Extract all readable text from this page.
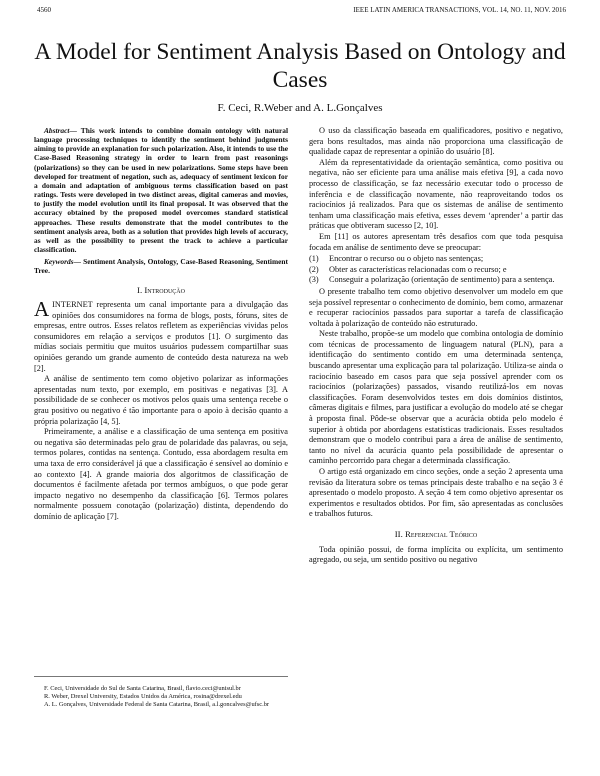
4560	IEEE LATIN AMERICA TRANSACTIONS, VOL. 14, NO. 11, NOV. 2016
A Model for Sentiment Analysis Based on Ontology and Cases
F. Ceci, R.Weber and A. L.Gonçalves

Abstract— This work intends to combine domain ontology with natural language processing techniques to identify the sentiment behind judgments aiming to provide an explanation for such polarization. Also, it intends to use the Case-Based Reasoning strategy in order to learn from past reasonings (polarizations) so they can be used in new polarizations. Some steps have been developed for treatment of negation, such as, adequacy of sentiment lexicon for a domain and adaptation of ambiguous terms classification based on past ratings. Tests were developed in two distinct areas, digital cameras and movies, to justify the model evolution until its final proposal. It was observed that the accuracy obtained by the proposed model overcomes standard statistical approaches. These results demonstrate that the model contributes to the sentiment analysis area, both as a solution that provides high levels of accuracy, as well as the possibility to present the track to achieve a particular classification.

Keywords— Sentiment Analysis, Ontology, Case-Based Reasoning, Sentiment Tree.

I. Introdução

AINTERNET representa um canal importante para a divulgação das opiniões dos consumidores na forma de blogs, posts, fóruns, sites de empresas, entre outros. Esses relatos refletem as experiências vividas pelos consumidores em relação a serviços e produtos [1]. O surgimento das mídias sociais permitiu que muitos usuários pudessem compartilhar suas opiniões gerando um grande aumento de conteúdo desta natureza na web [2].

A análise de sentimento tem como objetivo polarizar as informações apresentadas num texto, por exemplo, em positivas e negativas [3]. A possibilidade de se conhecer os motivos pelos quais uma sentença recebe o grau positivo ou negativo é tão importante para o apoio à decisão quanto a própria polarização [4, 5].

Primeiramente, a análise e a classificação de uma sentença em positiva ou negativa são determinadas pelo grau de polaridade das palavras, ou seja, termos polares, contidas na sentença. Contudo, essa abordagem resulta em uma taxa de erro considerável já que a classificação é sensível ao domínio e ao contexto [4]. A grande maioria dos algoritmos de classificação de documentos é facilmente afetada por termos ambíguos, o que pode gerar impacto negativo no desempenho da classificação [6]. Termos polares normalmente possuem conotação (polarização) distinta, dependendo do domínio de aplicação [7].

F. Ceci, Universidade do Sul de Santa Catarina, Brasil, flavio.ceci@unisul.br

R. Weber, Drexel University, Estados Unidos da América, rosina@drexel.edu

A. L. Gonçalves, Universidade Federal de Santa Catarina, Brasil, a.l.goncalves@ufsc.br

O uso da classificação baseada em qualificadores, positivo e negativo, gera bons resultados, mas ainda não proporciona uma classificação de qualidade capaz de representar a opinião do usuário [8].

Além da representatividade da orientação semântica, como positiva ou negativa, não ser eficiente para uma análise mais efetiva [9], a cada novo processo de classificação, se faz necessário executar todo o processo de inferência e de classificação novamente, não reaproveitando todos os raciocínios já realizados. Para que os sistemas de análise de sentimento tenham uma classificação mais efetiva, esses devem ‘aprender’ a partir das práticas que obtiveram sucesso [2, 10].

Em [11] os autores apresentam três desafios com que toda pesquisa focada em análise de sentimento deve se preocupar:

(1)	Encontrar o recurso ou o objeto nas sentenças;
(2)	Obter as características relacionadas com o recurso; e
(3)	Conseguir a polarização (orientação de sentimento) para a sentença.

O presente trabalho tem como objetivo desenvolver um modelo em que seja possível representar o conhecimento de domínio, bem como, armazenar e recuperar raciocínios passados para suportar a tarefa de classificação voltada à polarização de conteúdo não estruturado.

Neste trabalho, propõe-se um modelo que combina ontologia de domínio com técnicas de processamento de linguagem natural (PLN), para a identificação do sentimento contido em uma determinada sentença, buscando apresentar uma explicação para tal polarização. Utiliza-se ainda o raciocínio baseado em casos para que seja possível aprender com os raciocínios (polarizações) passados, visando reutilizá-los em novas classificações. Foram desenvolvidos testes em dois domínios distintos, câmeras digitais e filmes, para justificar a evolução do modelo até se chegar à proposta final. Pôde-se observar que a acurácia obtida pelo modelo é superior à obtida por abordagens estatísticas tradicionais. Esses resultados demonstram que o modelo contribui para a área de análise de sentimento, tanto no nível da acurácia quanto pela possibilidade de apresentar o caminho percorrido para chegar a determinada classificação.

O artigo está organizado em cinco seções, onde a seção 2 apresenta uma revisão da literatura sobre os temas principais deste trabalho e na seção 3 é apresentado o modelo proposto. A seção 4 tem como objetivo apresentar os experimentos e resultados obtidos. Por fim, são apresentadas as conclusões e trabalhos futuros.

II. Referencial Teórico

Toda opinião possui, de forma implícita ou explícita, um sentimento agregado, ou seja, um sentido positivo ou negativo
